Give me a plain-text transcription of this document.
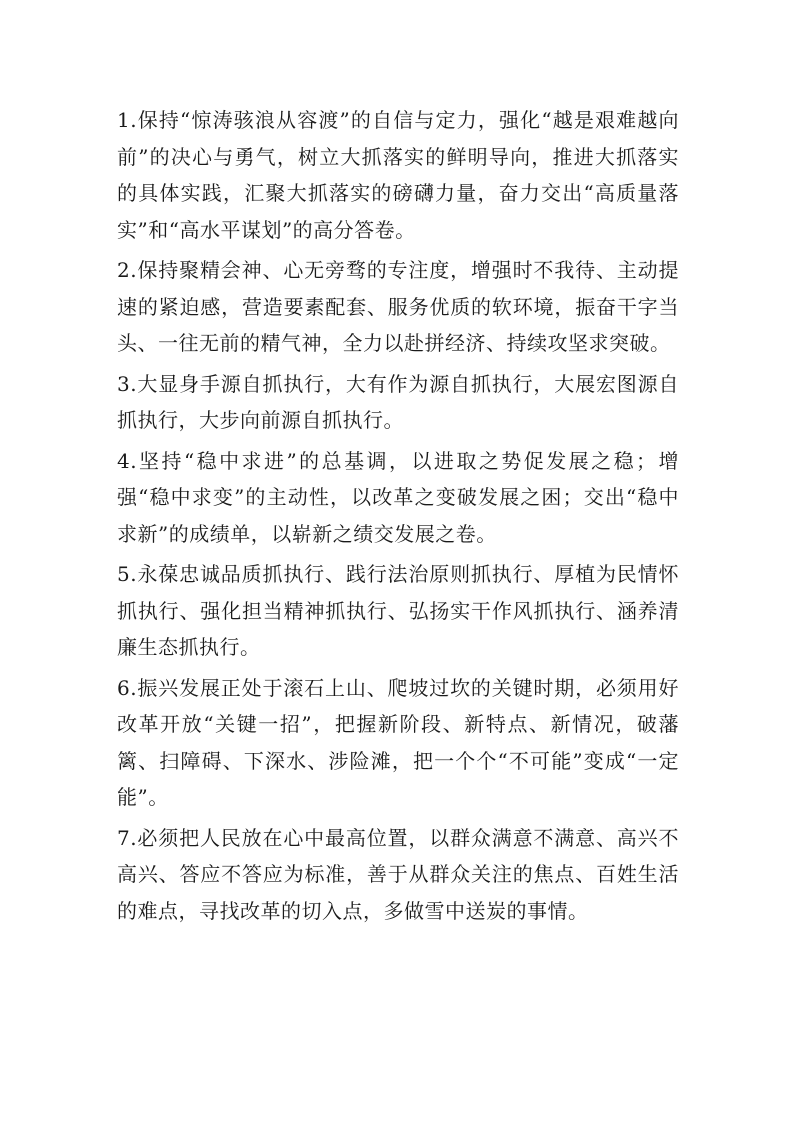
1.保持“惊涛骇浪从容渡”的自信与定力，强化“越是艰难越向前”的决心与勇气，树立大抓落实的鲜明导向，推进大抓落实的具体实践，汇聚大抓落实的磅礴力量，奋力交出“高质量落实”和“高水平谋划”的高分答卷。

2.保持聚精会神、心无旁骛的专注度，增强时不我待、主动提速的紧迫感，营造要素配套、服务优质的软环境，振奋干字当头、一往无前的精气神，全力以赴拼经济、持续攻坚求突破。

3.大显身手源自抓执行，大有作为源自抓执行，大展宏图源自抓执行，大步向前源自抓执行。

4.坚持“稳中求进”的总基调，以进取之势促发展之稳；增强“稳中求变”的主动性，以改革之变破发展之困；交出“稳中求新”的成绩单，以崭新之绩交发展之卷。

5.永葆忠诚品质抓执行、践行法治原则抓执行、厚植为民情怀抓执行、强化担当精神抓执行、弘扬实干作风抓执行、涵养清廉生态抓执行。

6.振兴发展正处于滚石上山、爬坡过坎的关键时期，必须用好改革开放“关键一招”，把握新阶段、新特点、新情况，破藩篱、扫障碍、下深水、涉险滩，把一个个“不可能”变成“一定能”。

7.必须把人民放在心中最高位置，以群众满意不满意、高兴不高兴、答应不答应为标准，善于从群众关注的焦点、百姓生活的难点，寻找改革的切入点，多做雪中送炭的事情。
